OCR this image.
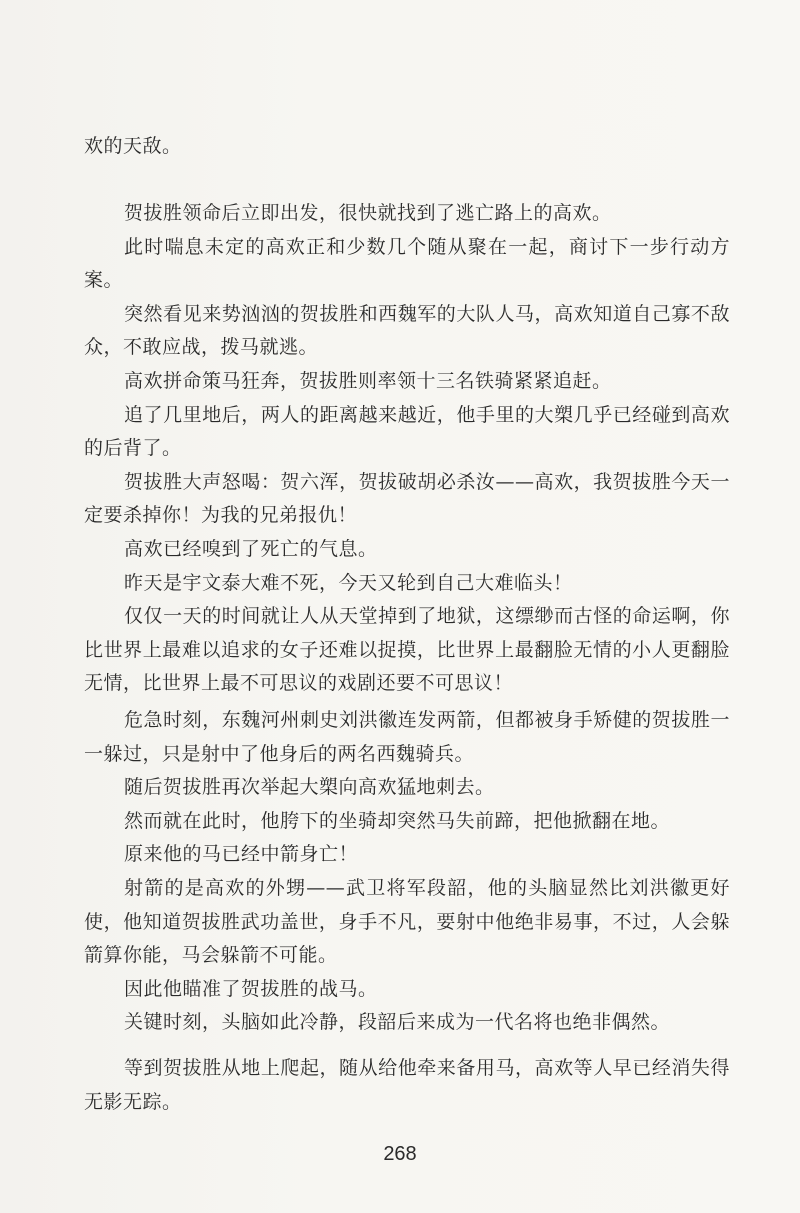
欢的天敌。

贺拔胜领命后立即出发，很快就找到了逃亡路上的高欢。

此时喘息未定的高欢正和少数几个随从聚在一起，商讨下一步行动方案。

突然看见来势汹汹的贺拔胜和西魏军的大队人马，高欢知道自己寡不敌众，不敢应战，拨马就逃。

高欢拼命策马狂奔，贺拔胜则率领十三名铁骑紧紧追赶。

追了几里地后，两人的距离越来越近，他手里的大槊几乎已经碰到高欢的后背了。

贺拔胜大声怒喝：贺六浑，贺拔破胡必杀汝——高欢，我贺拔胜今天一定要杀掉你！为我的兄弟报仇！

高欢已经嗅到了死亡的气息。

昨天是宇文泰大难不死，今天又轮到自己大难临头！

仅仅一天的时间就让人从天堂掉到了地狱，这缥缈而古怪的命运啊，你比世界上最难以追求的女子还难以捉摸，比世界上最翻脸无情的小人更翻脸无情，比世界上最不可思议的戏剧还要不可思议！

危急时刻，东魏河州刺史刘洪徽连发两箭，但都被身手矫健的贺拔胜一一躲过，只是射中了他身后的两名西魏骑兵。

随后贺拔胜再次举起大槊向高欢猛地刺去。

然而就在此时，他胯下的坐骑却突然马失前蹄，把他掀翻在地。

原来他的马已经中箭身亡！

射箭的是高欢的外甥——武卫将军段韶，他的头脑显然比刘洪徽更好使，他知道贺拔胜武功盖世，身手不凡，要射中他绝非易事，不过，人会躲箭算你能，马会躲箭不可能。

因此他瞄准了贺拔胜的战马。

关键时刻，头脑如此冷静，段韶后来成为一代名将也绝非偶然。

等到贺拔胜从地上爬起，随从给他牵来备用马，高欢等人早已经消失得无影无踪。

268
